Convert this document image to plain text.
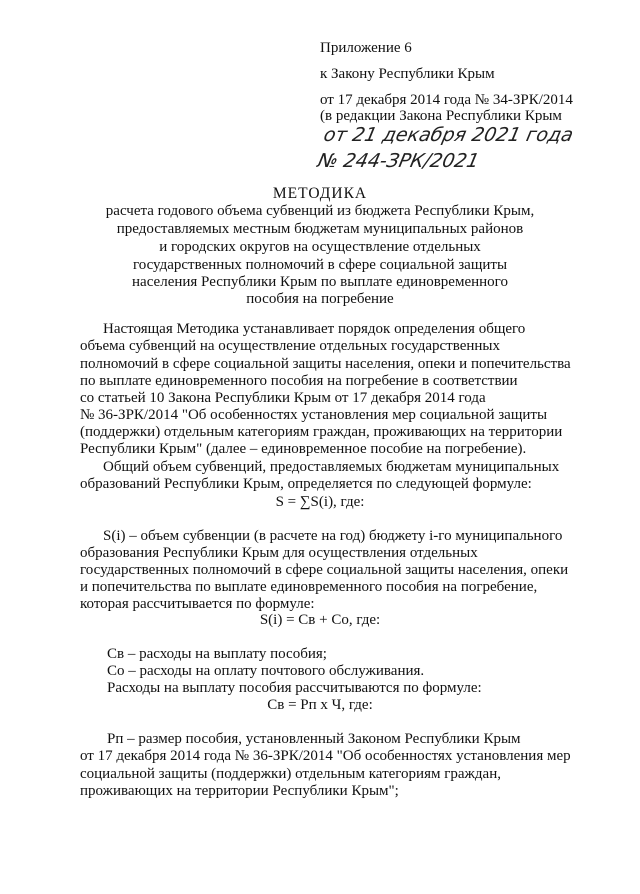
Приложение 6
к Закону Республики Крым
от 17 декабря 2014 года № 34-ЗРК/2014
(в редакции Закона Республики Крым
от 21 декабря 2021 года
№ 244-ЗРК/2021
МЕТОДИКА
расчета годового объема субвенций из бюджета Республики Крым,
предоставляемых местным бюджетам муниципальных районов
и городских округов на осуществление отдельных
государственных полномочий в сфере социальной защиты
населения Республики Крым по выплате единовременного
пособия на погребение
Настоящая Методика устанавливает порядок определения общего
объема субвенций на осуществление отдельных государственных
полномочий в сфере социальной защиты населения, опеки и попечительства
по выплате единовременного пособия на погребение в соответствии
со статьей 10 Закона Республики Крым от 17 декабря 2014 года
№ 36-ЗРК/2014 "Об особенностях установления мер социальной защиты
(поддержки) отдельным категориям граждан, проживающих на территории
Республики Крым" (далее – единовременное пособие на погребение).
Общий объем субвенций, предоставляемых бюджетам муниципальных
образований Республики Крым, определяется по следующей формуле:
S = ∑S(i), где:
S(i) – объем субвенции (в расчете на год) бюджету i-го муниципального
образования Республики Крым для осуществления отдельных
государственных полномочий в сфере социальной защиты населения, опеки
и попечительства по выплате единовременного пособия на погребение,
которая рассчитывается по формуле:
S(i) = Св + Со, где:
Св – расходы на выплату пособия;
Со – расходы на оплату почтового обслуживания.
Расходы на выплату пособия рассчитываются по формуле:
Св = Рп х Ч, где:
Рп – размер пособия, установленный Законом Республики Крым
от 17 декабря 2014 года № 36-ЗРК/2014 "Об особенностях установления мер
социальной защиты (поддержки) отдельным категориям граждан,
проживающих на территории Республики Крым";
